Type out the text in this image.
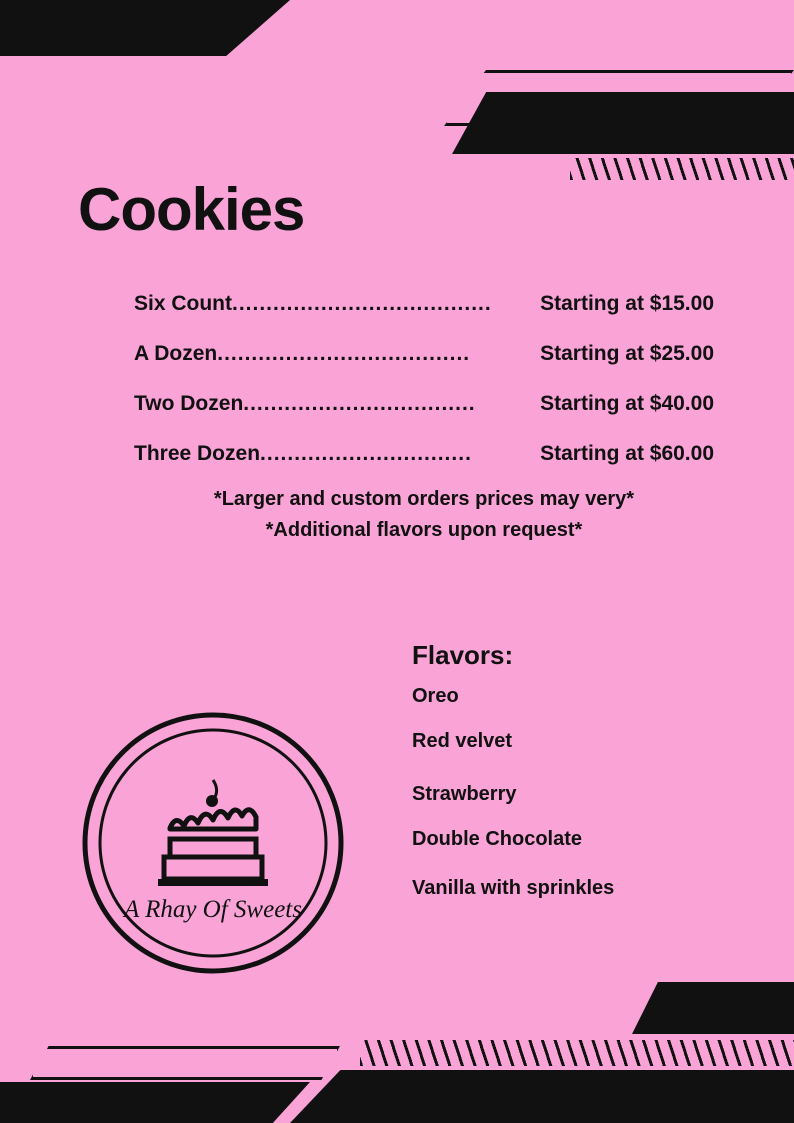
Cookies
Six Count ......................................	Starting at $15.00
A Dozen .....................................	Starting at $25.00
Two Dozen ..................................	Starting at $40.00
Three Dozen ...............................	Starting at $60.00
*Larger and custom orders prices may very*
*Additional flavors upon request*
Flavors:
Oreo
Red velvet
Strawberry
Double Chocolate
Vanilla with sprinkles
A Rhay Of Sweets
